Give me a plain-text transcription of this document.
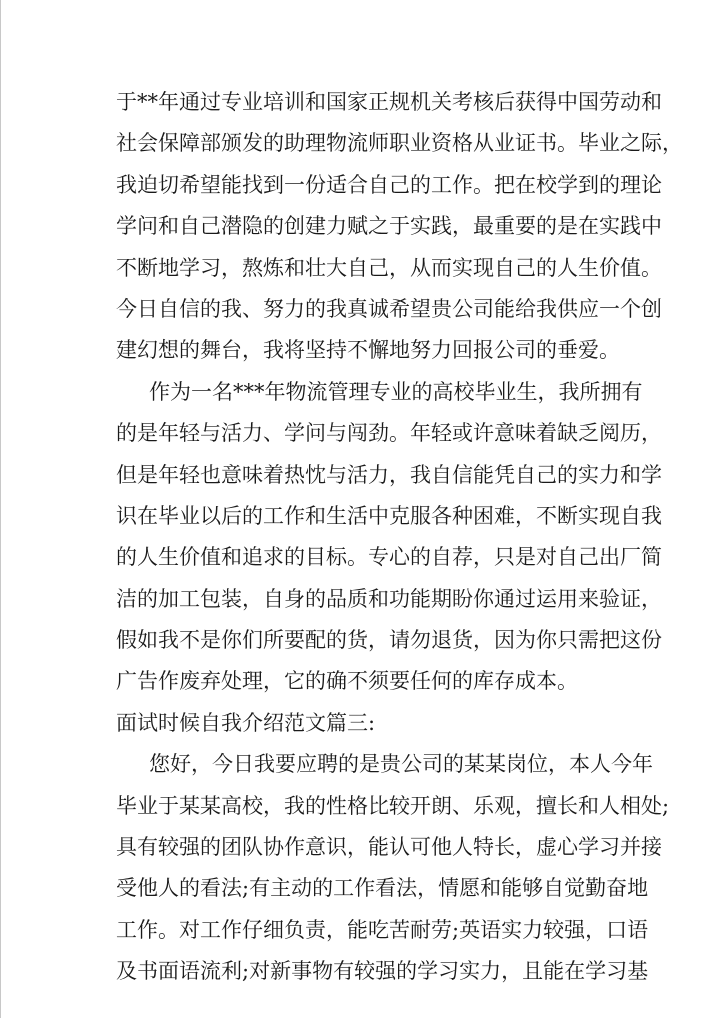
于**年通过专业培训和国家正规机关考核后获得中国劳动和
社会保障部颁发的助理物流师职业资格从业证书。毕业之际，
我迫切希望能找到一份适合自己的工作。把在校学到的理论
学问和自己潜隐的创建力赋之于实践，最重要的是在实践中
不断地学习，熬炼和壮大自己，从而实现自己的人生价值。
今日自信的我、努力的我真诚希望贵公司能给我供应一个创
建幻想的舞台，我将坚持不懈地努力回报公司的垂爱。
作为一名***年物流管理专业的高校毕业生，我所拥有
的是年轻与活力、学问与闯劲。年轻或许意味着缺乏阅历，
但是年轻也意味着热忱与活力，我自信能凭自己的实力和学
识在毕业以后的工作和生活中克服各种困难，不断实现自我
的人生价值和追求的目标。专心的自荐，只是对自己出厂简
洁的加工包装，自身的品质和功能期盼你通过运用来验证，
假如我不是你们所要配的货，请勿退货，因为你只需把这份
广告作废弃处理，它的确不须要任何的库存成本。
面试时候自我介绍范文篇三:
您好，今日我要应聘的是贵公司的某某岗位，本人今年
毕业于某某高校，我的性格比较开朗、乐观，擅长和人相处;
具有较强的团队协作意识，能认可他人特长，虚心学习并接
受他人的看法;有主动的工作看法，情愿和能够自觉勤奋地
工作。对工作仔细负责，能吃苦耐劳;英语实力较强，口语
及书面语流利;对新事物有较强的学习实力，且能在学习基
